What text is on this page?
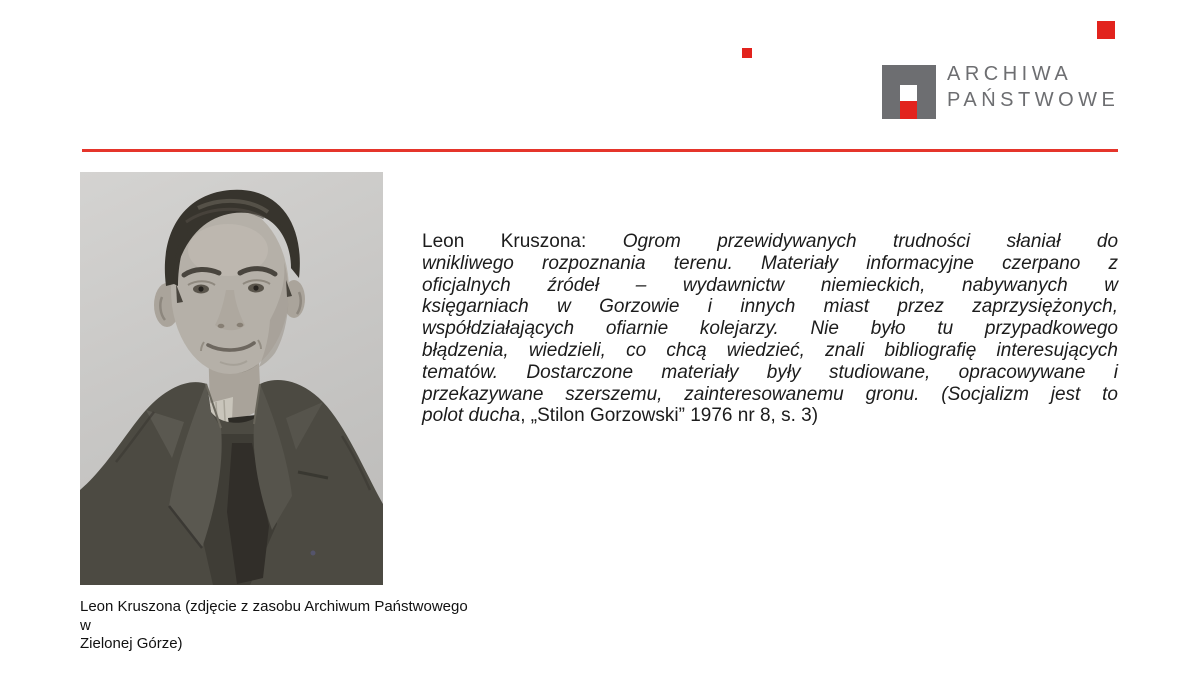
ARCHIWA
PAŃSTWOWE
Leon Kruszona (zdjęcie z zasobu Archiwum Państwowego w
Zielonej Górze)
Leon Kruszona: Ogrom przewidywanych trudności słaniał do
wnikliwego rozpoznania terenu. Materiały informacyjne czerpano z
oficjalnych źródeł – wydawnictw niemieckich, nabywanych w
księgarniach w Gorzowie i innych miast przez zaprzysiężonych,
współdziałających ofiarnie kolejarzy. Nie było tu przypadkowego
błądzenia, wiedzieli, co chcą wiedzieć, znali bibliografię interesujących
tematów. Dostarczone materiały były studiowane, opracowywane i
przekazywane szerszemu, zainteresowanemu gronu. (Socjalizm jest to
polot ducha, „Stilon Gorzowski” 1976 nr 8, s. 3)
